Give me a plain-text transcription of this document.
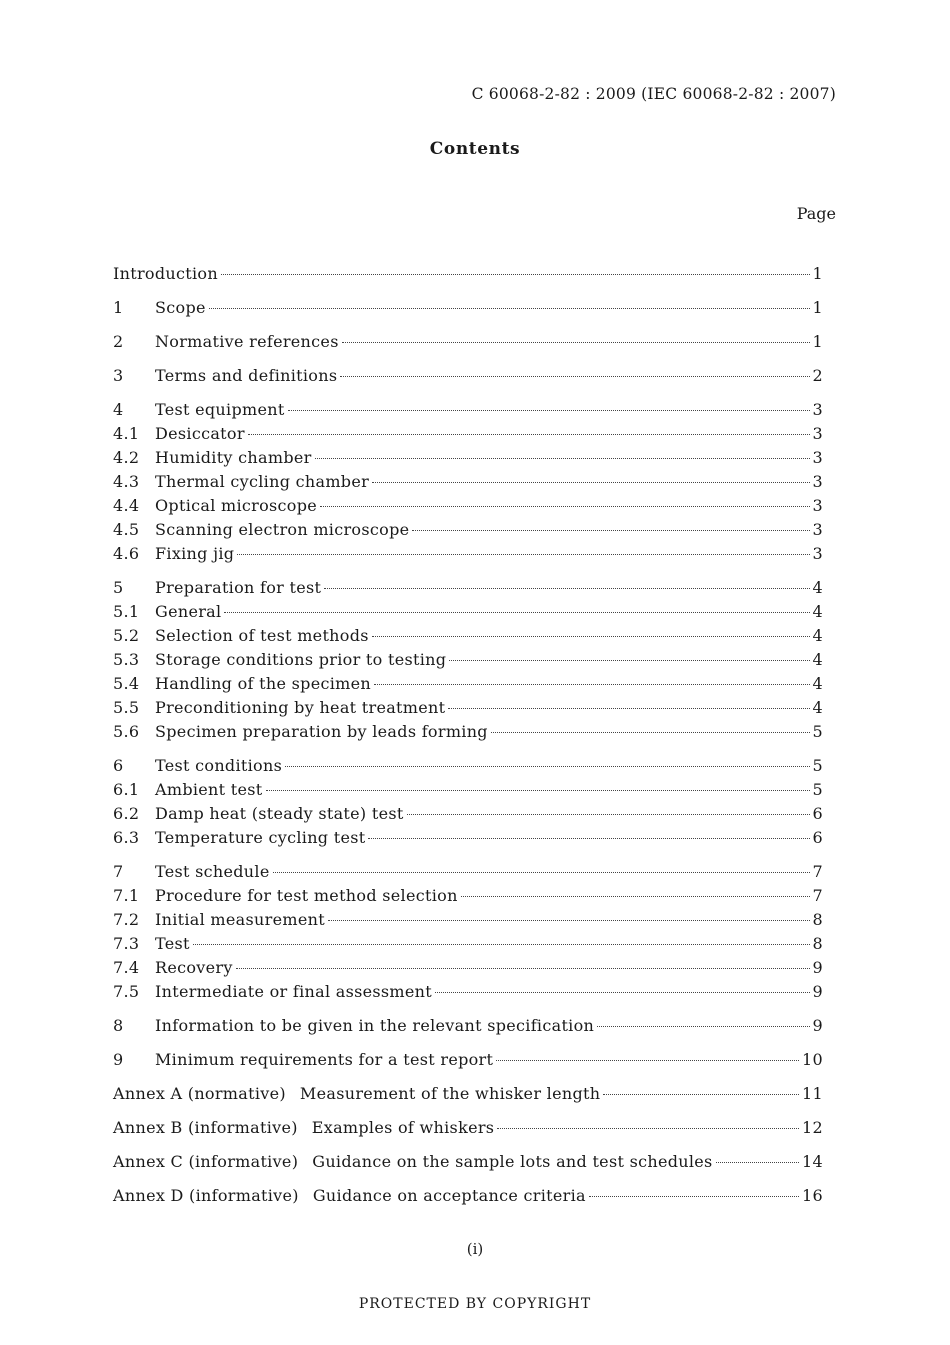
C 60068-2-82 : 2009 (IEC 60068-2-82 : 2007)
Contents
Page
Introduction	1
1	Scope	1
2	Normative references	1
3	Terms and definitions	2
4	Test equipment	3
4.1 Desiccator	3
4.2 Humidity chamber	3
4.3 Thermal cycling chamber	3
4.4 Optical microscope	3
4.5 Scanning electron microscope	3
4.6 Fixing jig	3
5	Preparation for test	4
5.1 General	4
5.2 Selection of test methods	4
5.3 Storage conditions prior to testing	4
5.4 Handling of the specimen	4
5.5 Preconditioning by heat treatment	4
5.6 Specimen preparation by leads forming	5
6	Test conditions	5
6.1 Ambient test	5
6.2 Damp heat (steady state) test	6
6.3 Temperature cycling test	6
7	Test schedule	7
7.1 Procedure for test method selection	7
7.2 Initial measurement	8
7.3 Test	8
7.4 Recovery	9
7.5 Intermediate or final assessment	9
8	Information to be given in the relevant specification	9
9	Minimum requirements for a test report	10
Annex A (normative) Measurement of the whisker length	11
Annex B (informative) Examples of whiskers	12
Annex C (informative) Guidance on the sample lots and test schedules	14
Annex D (informative) Guidance on acceptance criteria	16
(i)
PROTECTED BY COPYRIGHT
